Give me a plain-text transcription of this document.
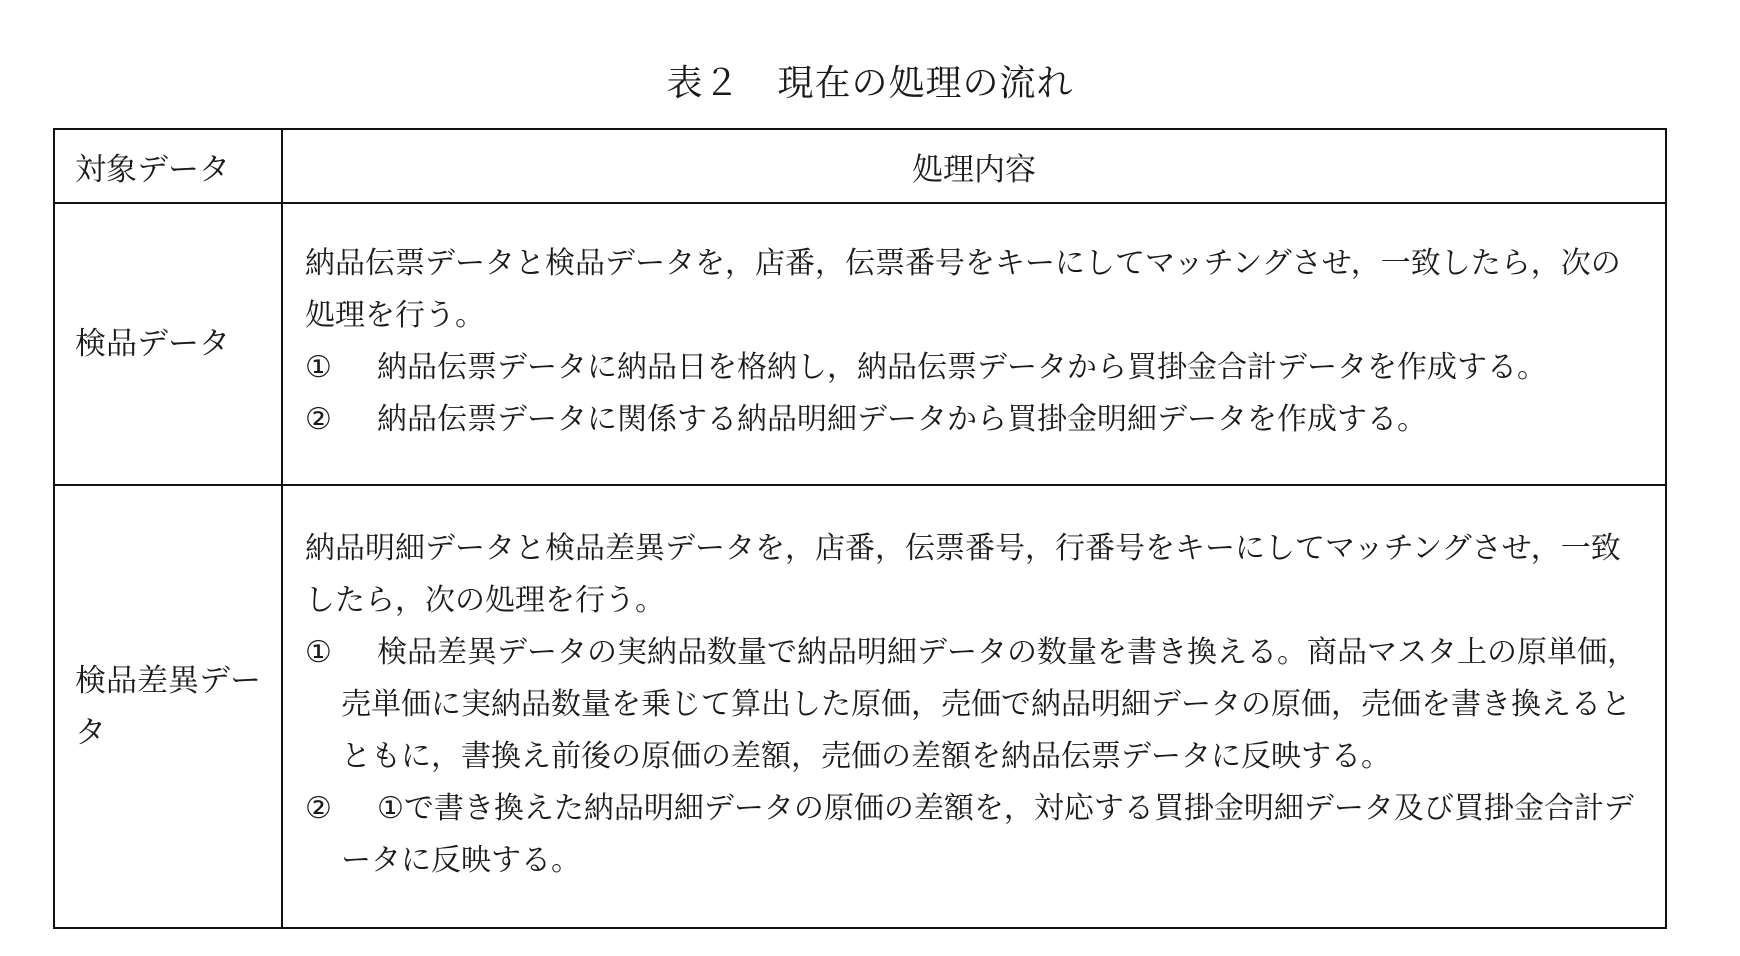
表２　現在の処理の流れ
対象データ	処理内容
検品データ	納品伝票データと検品データを，店番，伝票番号をキーにしてマッチングさせ，一致したら，次の処理を行う。

① 納品伝票データに納品日を格納し，納品伝票データから買掛金合計データを作成する。

② 納品伝票データに関係する納品明細データから買掛金明細データを作成する。

検品差異データ	納品明細データと検品差異データを，店番，伝票番号，行番号をキーにしてマッチングさせ，一致したら，次の処理を行う。

① 検品差異データの実納品数量で納品明細データの数量を書き換える。商品マスタ上の原単価，売単価に実納品数量を乗じて算出した原価，売価で納品明細データの原価，売価を書き換えるとともに，書換え前後の原価の差額，売価の差額を納品伝票データに反映する。

② ①で書き換えた納品明細データの原価の差額を，対応する買掛金明細データ及び買掛金合計データに反映する。
